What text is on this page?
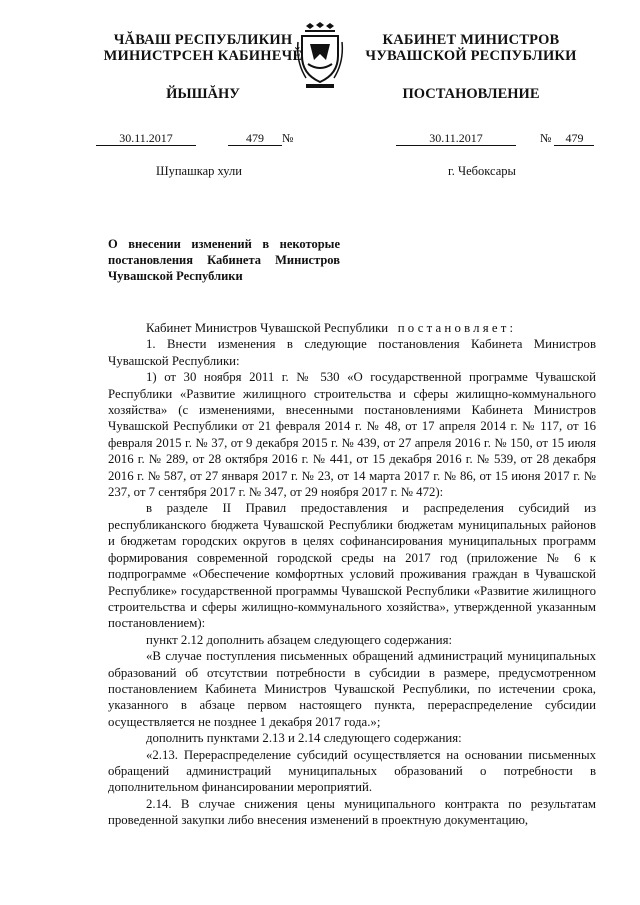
ЧĂВАШ РЕСПУБЛИКИН
МИНИСТРСЕН КАБИНЕЧĔ
ЙЫШĂНУ
КАБИНЕТ МИНИСТРОВ
ЧУВАШСКОЙ РЕСПУБЛИКИ
ПОСТАНОВЛЕНИЕ
30.11.2017	479 №	30.11.2017	№ 479
Шупашкар хули	г. Чебоксары
О внесении изменений в некоторые постановления Кабинета Министров Чувашской Республики

Кабинет Министров Чувашской Республики постановляет:

1. Внести изменения в следующие постановления Кабинета Министров Чувашской Республики:

1) от 30 ноября 2011 г. № 530 «О государственной программе Чувашской Республики «Развитие жилищного строительства и сферы жилищно-коммунального хозяйства» (с изменениями, внесенными постановлениями Кабинета Министров Чувашской Республики от 21 февраля 2014 г. № 48, от 17 апреля 2014 г. № 117, от 16 февраля 2015 г. № 37, от 9 декабря 2015 г. № 439, от 27 апреля 2016 г. № 150, от 15 июля 2016 г. № 289, от 28 октября 2016 г. № 441, от 15 декабря 2016 г. № 539, от 28 декабря 2016 г. № 587, от 27 января 2017 г. № 23, от 14 марта 2017 г. № 86, от 15 июня 2017 г. № 237, от 7 сентября 2017 г. № 347, от 29 ноября 2017 г. № 472):

в разделе II Правил предоставления и распределения субсидий из республиканского бюджета Чувашской Республики бюджетам муниципальных районов и бюджетам городских округов в целях софинансирования муниципальных программ формирования современной городской среды на 2017 год (приложение № 6 к подпрограмме «Обеспечение комфортных условий проживания граждан в Чувашской Республике» государственной программы Чувашской Республики «Развитие жилищного строительства и сферы жилищно-коммунального хозяйства», утвержденной указанным постановлением):

пункт 2.12 дополнить абзацем следующего содержания:

«В случае поступления письменных обращений администраций муниципальных образований об отсутствии потребности в субсидии в размере, предусмотренном постановлением Кабинета Министров Чувашской Республики, по истечении срока, указанного в абзаце первом настоящего пункта, перераспределение субсидии осуществляется не позднее 1 декабря 2017 года.»;

дополнить пунктами 2.13 и 2.14 следующего содержания:

«2.13. Перераспределение субсидий осуществляется на основании письменных обращений администраций муниципальных образований о потребности в дополнительном финансировании мероприятий.

2.14. В случае снижения цены муниципального контракта по результатам проведенной закупки либо внесения изменений в проектную документацию,
